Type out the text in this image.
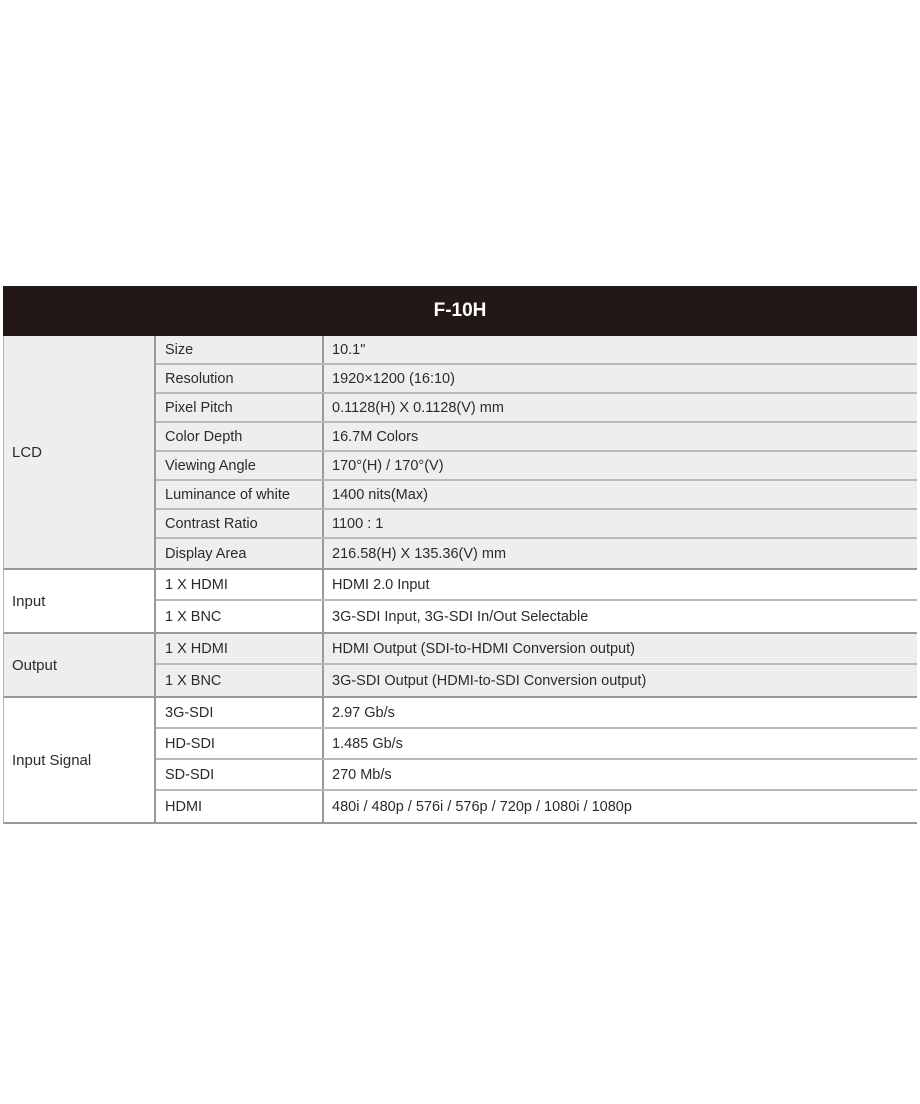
F-10H
LCD
Size	10.1"
Resolution	1920×1200 (16:10)
Pixel Pitch	0.1128(H) X 0.1128(V) mm
Color Depth	16.7M Colors
Viewing Angle	170°(H) / 170°(V)
Luminance of white	1400 nits(Max)
Contrast Ratio	1100 : 1
Display Area	216.58(H) X 135.36(V) mm
Input
1 X HDMI	HDMI 2.0 Input
1 X BNC	3G-SDI Input, 3G-SDI In/Out Selectable
Output
1 X HDMI	HDMI Output (SDI-to-HDMI Conversion output)
1 X BNC	3G-SDI Output (HDMI-to-SDI Conversion output)
Input Signal
3G-SDI	2.97 Gb/s
HD-SDI	1.485 Gb/s
SD-SDI	270 Mb/s
HDMI	480i / 480p / 576i / 576p / 720p / 1080i / 1080p
